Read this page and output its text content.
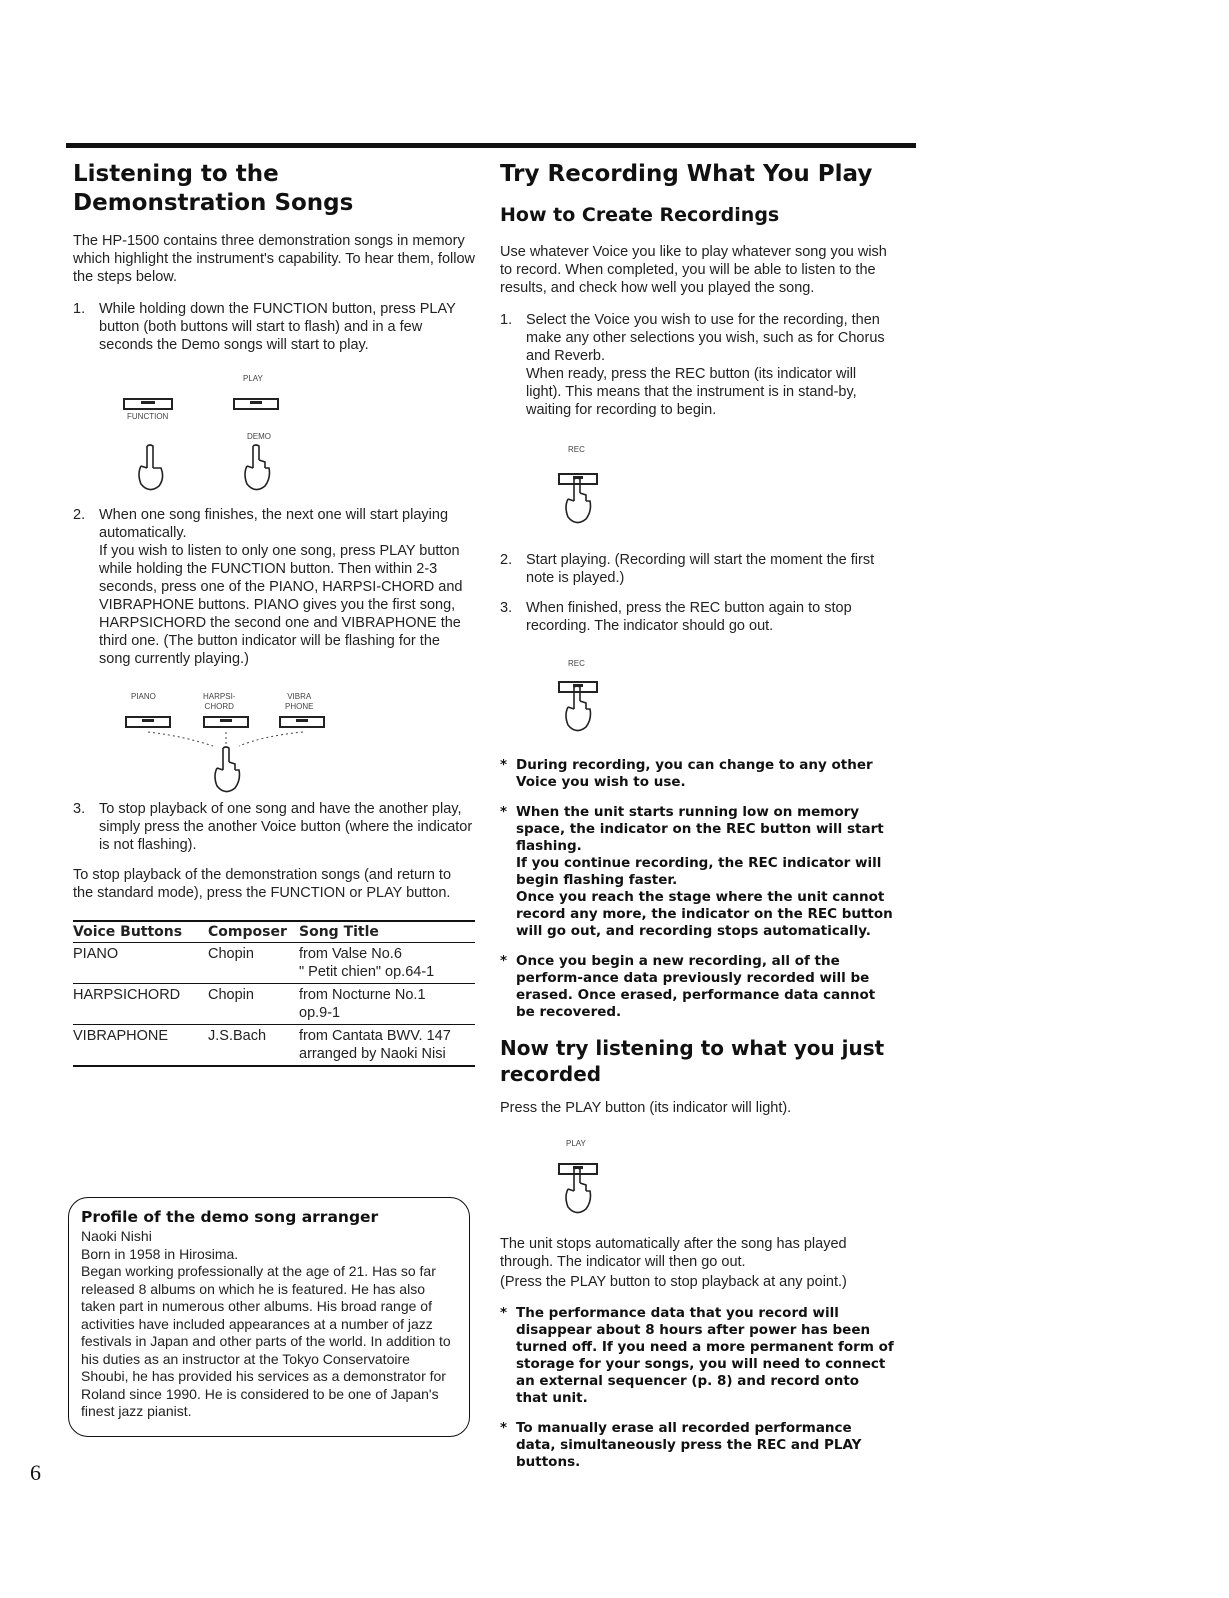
Listening to the Demonstration Songs

The HP-1500 contains three demonstration songs in memory which highlight the instrument's capability. To hear them, follow the steps below.

1. While holding down the FUNCTION button, press PLAY button (both buttons will start to flash) and in a few seconds the Demo songs will start to play.
PLAY
FUNCTION
DEMO
2. When one song finishes, the next one will start playing automatically.
If you wish to listen to only one song, press PLAY button while holding the FUNCTION button. Then within 2-3 seconds, press one of the PIANO, HARPSI-CHORD and VIBRAPHONE buttons. PIANO gives you the first song, HARPSICHORD the second one and VIBRAPHONE the third one. (The button indicator will be flashing for the song currently playing.)
PIANO	HARPSI-
CHORD
VIBRA
PHONE
3. To stop playback of one song and have the another play, simply press the another Voice button (where the indicator is not flashing).

To stop playback of the demonstration songs (and return to the standard mode), press the FUNCTION or PLAY button.

Voice Buttons	Composer	Song Title
PIANO	Chopin	from Valse No.6
" Petit chien" op.64-1

HARPSICHORD	Chopin	from Nocturne No.1
op.9-1

VIBRAPHONE	J.S.Bach	from Cantata BWV. 147
arranged by Naoki Nisi
Profile of the demo song arranger

Naoki Nishi

Born in 1958 in Hirosima.

Began working professionally at the age of 21. Has so far released 8 albums on which he is featured. He has also taken part in numerous other albums. His broad range of activities have included appearances at a number of jazz festivals in Japan and other parts of the world. In addition to his duties as an instructor at the Tokyo Conservatoire Shoubi, he has provided his services as a demonstrator for Roland since 1990. He is considered to be one of Japan's finest jazz pianist.

Try Recording What You Play
How to Create Recordings

Use whatever Voice you like to play whatever song you wish to record. When completed, you will be able to listen to the results, and check how well you played the song.

1. Select the Voice you wish to use for the recording, then make any other selections you wish, such as for Chorus and Reverb.
When ready, press the REC button (its indicator will light). This means that the instrument is in stand-by, waiting for recording to begin.
REC
2. Start playing. (Recording will start the moment the first note is played.)
3. When finished, press the REC button again to stop recording. The indicator should go out.
REC
* During recording, you can change to any other Voice you wish to use.
* When the unit starts running low on memory space, the indicator on the REC button will start flashing.
If you continue recording, the REC indicator will begin flashing faster.
Once you reach the stage where the unit cannot record any more, the indicator on the REC button will go out, and recording stops automatically.
* Once you begin a new recording, all of the perform-ance data previously recorded will be erased. Once erased, performance data cannot be recovered.
Now try listening to what you just recorded

Press the PLAY button (its indicator will light).

PLAY

The unit stops automatically after the song has played through. The indicator will then go out.

(Press the PLAY button to stop playback at any point.)

* The performance data that you record will disappear about 8 hours after power has been turned off. If you need a more permanent form of storage for your songs, you will need to connect an external sequencer (p. 8) and record onto that unit.
* To manually erase all recorded performance data, simultaneously press the REC and PLAY buttons.
6
